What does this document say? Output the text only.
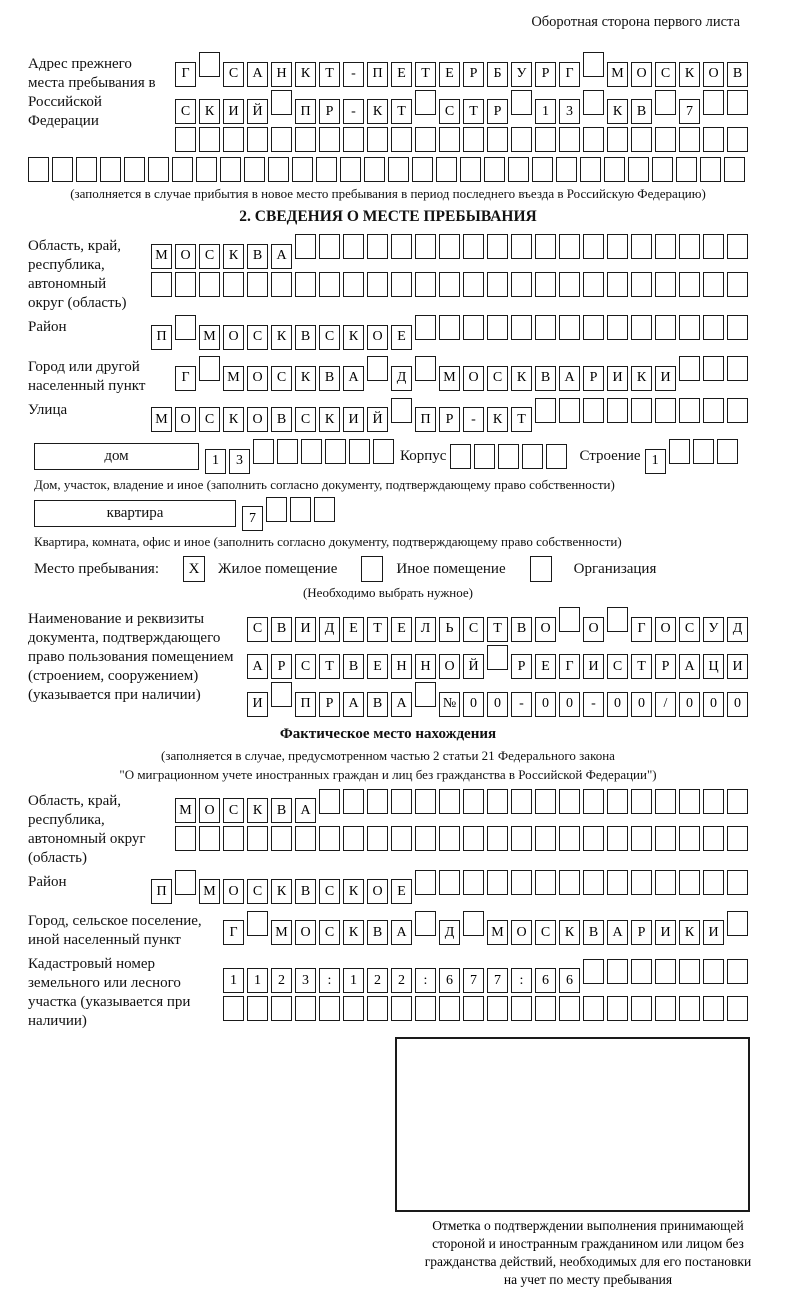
Оборотная сторона первого листа
Адрес прежнего места пребывания в Российской Федерации
Г	С А Н К Т - П Е Т Е Р Б У Р Г	М О С К О В
С К И Й	П Р - К Т	С Т Р	1 3	К В	7
(заполняется в случае прибытия в новое место пребывания в период последнего въезда в Российскую Федерацию)
2. СВЕДЕНИЯ О МЕСТЕ ПРЕБЫВАНИЯ
Область, край, республика, автономный округ (область)
М О С К В А
Район
П	М О С К В С К О Е
Город или другой населенный пункт	Г	М О С К В А	Д	М О С К В А Р И К И
Улица
М О С К О В С К И Й	П Р - К Т
дом	1 3	Корпус	Строение 1
Дом, участок, владение и иное (заполнить согласно документу, подтверждающему право собственности)
квартира	7
Квартира, комната, офис и иное (заполнить согласно документу, подтверждающему право собственности)
Место пребывания:	X	Жилое помещение	Иное помещение	Организация
(Необходимо выбрать нужное)
Наименование и реквизиты документа, подтверждающего право пользования помещением (строением, сооружением) (указывается при наличии)
С В И Д Е Т Е Л Ь С Т В О	О	Г О С У Д
А Р С Т В Е Н Н О Й	Р Е Г И С Т Р А Ц И
И	П Р А В А	№ 0 0 - 0 0 - 0 0 / 0 0 0
Фактическое место нахождения
(заполняется в случае, предусмотренном частью 2 статьи 21 Федерального закона
"О миграционном учете иностранных граждан и лиц без гражданства в Российской Федерации")
Область, край, республика, автономный округ (область)
М О С К В А
Район
П	М О С К В С К О Е
Город, сельское поселение, иной населенный пункт	Г	М О С К В А	Д	М О С К В А Р И К И
Кадастровый номер земельного или лесного участка (указывается при наличии)
1 1 2 3 : 1 2 2 : 6 7 7 : 6 6
Отметка о подтверждении выполнения принимающей
стороной и иностранным гражданином или лицом без
гражданства действий, необходимых для его постановки
на учет по месту пребывания
